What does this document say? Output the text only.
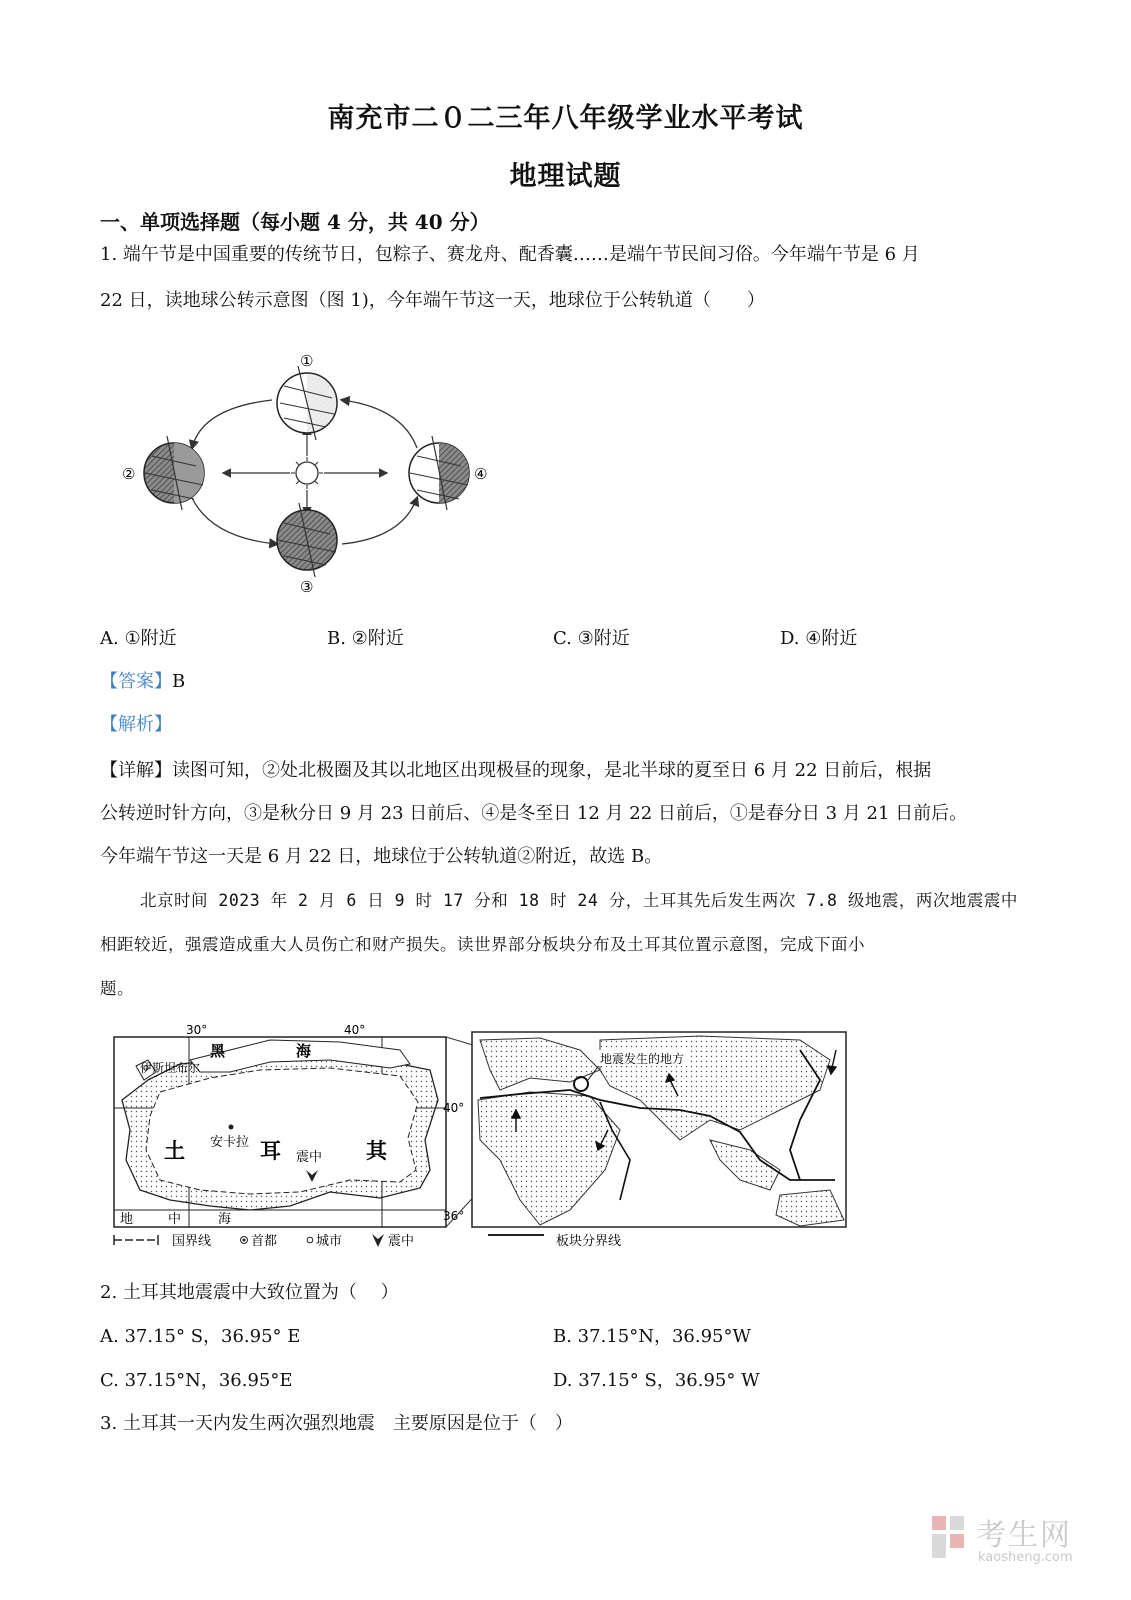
南充市二０二三年八年级学业水平考试
地理试题
一、单项选择题（每小题 4 分，共 40 分）
1. 端午节是中国重要的传统节日，包粽子、赛龙舟、配香囊……是端午节民间习俗。今年端午节是 6 月
22 日，读地球公转示意图（图 1)，今年端午节这一天，地球位于公转轨道（　　）
①
②
③
④
A. ①附近	B. ②附近	C. ③附近	D. ④附近
【答案】B
【解析】
【详解】读图可知，②处北极圈及其以北地区出现极昼的现象，是北半球的夏至日 6 月 22 日前后，根据
公转逆时针方向，③是秋分日 9 月 23 日前后、④是冬至日 12 月 22 日前后，①是春分日 3 月 21 日前后。
今年端午节这一天是 6 月 22 日，地球位于公转轨道②附近，故选 B。
北京时间 2023 年 2 月 6 日 9 时 17 分和 18 时 24 分，土耳其先后发生两次 7.8 级地震，两次地震震中
相距较近，强震造成重大人员伤亡和财产损失。读世界部分板块分布及土耳其位置示意图，完成下面小
题。
30°	40°
40°
36°
黑	海
伊斯坦布尔
安卡拉
土	耳	其
震中
地	中	海
地震发生的地方
国界线	首都	城市	震中	板块分界线
2. 土耳其地震震中大致位置为（　 ）
A. 37.15° S，36.95° E	B. 37.15°N，36.95°W
C. 37.15°N，36.95°E	D. 37.15° S，36.95° W
3. 土耳其一天内发生两次强烈地震　主要原因是位于（　）
考生网
kaosheng.com
